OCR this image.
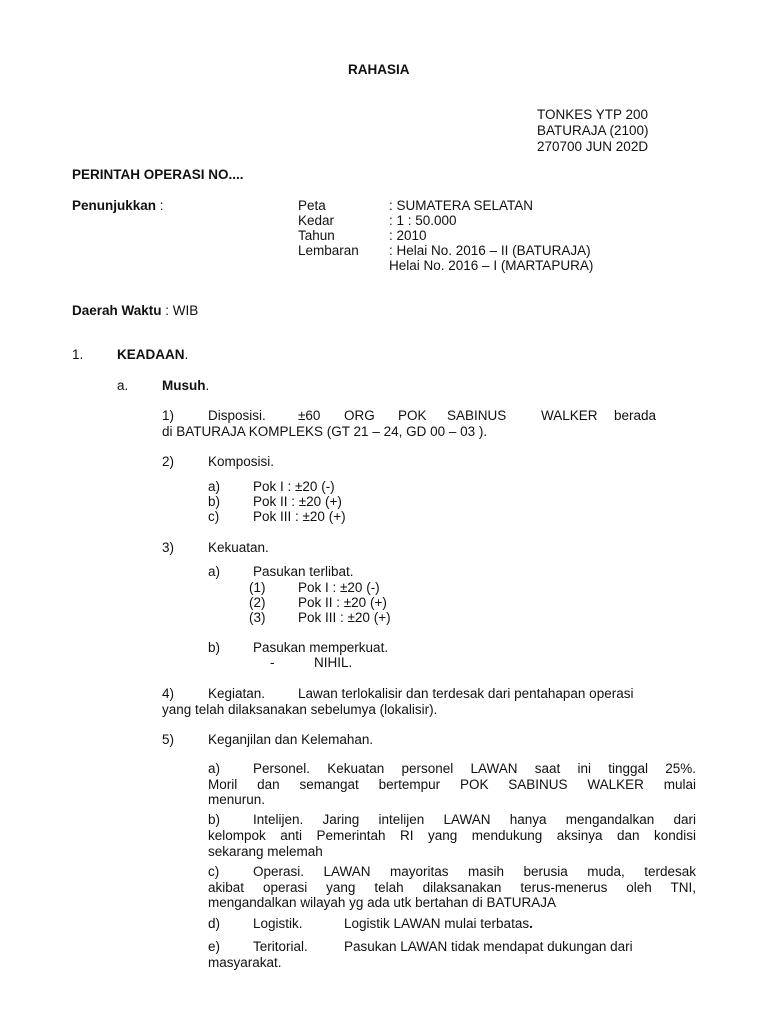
RAHASIA
TONKES YTP 200
BATURAJA (2100)
270700 JUN 202D
PERINTAH OPERASI NO....
Penunjukkan :	Peta	: SUMATERA SELATAN
Kedar	: 1 : 50.000
Tahun	: 2010
Lembaran : Helai No. 2016 – II (BATURAJA)
Helai No. 2016 – I (MARTAPURA)
Daerah Waktu : WIB
1. KEADAAN.
a. Musuh.
1)	Disposisi. ±60 ORG POK SABINUS	WALKER berada
di BATURAJA KOMPLEKS (GT 21 – 24, GD 00 – 03 ).
2)	Komposisi.
a) Pok I : ±20 (-)
b) Pok II : ±20 (+)
c)	Pok III : ±20 (+)
3)	Kekuatan.
a) Pasukan terlibat.
(1) Pok I : ±20 (-)
(2) Pok II : ±20 (+)
(3) Pok III : ±20 (+)
b) Pasukan memperkuat.
-	NIHIL.
4)	Kegiatan. Lawan terlokalisir dan terdesak dari pentahapan operasi
yang telah dilaksanakan sebelumya (lokalisir).
5)	Keganjilan dan Kelemahan.
a) Personel. Kekuatan personel LAWAN saat ini tinggal 25%.
Moril dan semangat bertempur POK SABINUS WALKER mulai
menurun.
b) Intelijen. Jaring intelijen LAWAN hanya mengandalkan dari
kelompok anti Pemerintah RI yang mendukung aksinya dan kondisi
sekarang melemah
c)	Operasi. LAWAN mayoritas masih berusia muda, terdesak
akibat operasi yang telah dilaksanakan terus-menerus oleh TNI,
mengandalkan wilayah yg ada utk bertahan di BATURAJA
d) Logistik.	Logistik LAWAN mulai terbatas.
e) Teritorial.	Pasukan LAWAN tidak mendapat dukungan dari
masyarakat.
